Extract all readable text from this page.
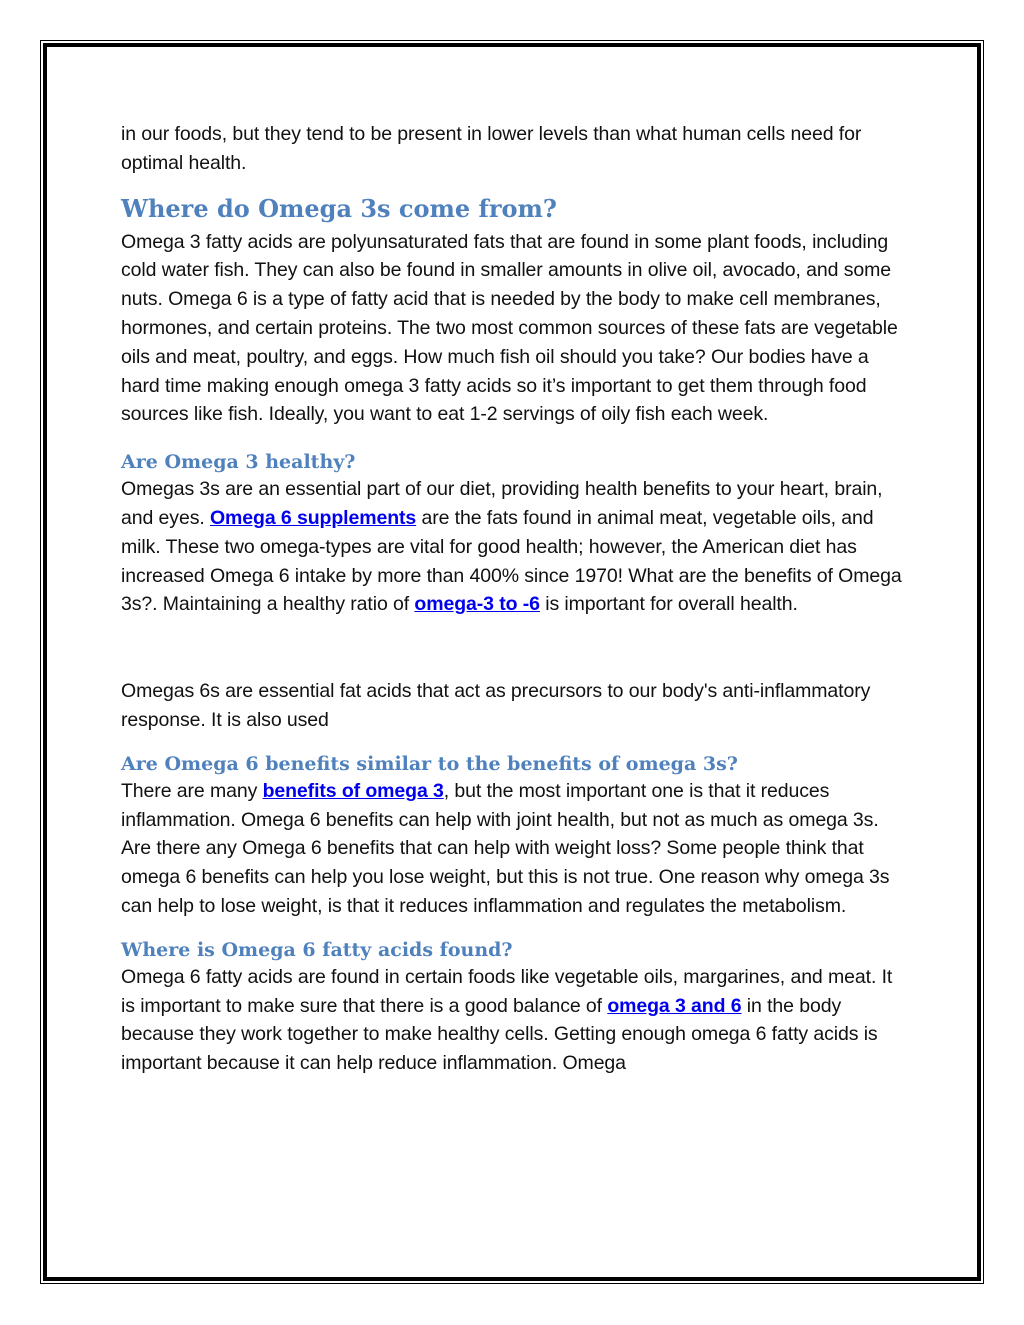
in our foods, but they tend to be present in lower levels than what human cells need for optimal health.

Where do Omega 3s come from?

Omega 3 fatty acids are polyunsaturated fats that are found in some plant foods, including cold water fish. They can also be found in smaller amounts in olive oil, avocado, and some nuts. Omega 6 is a type of fatty acid that is needed by the body to make cell membranes, hormones, and certain proteins. The two most common sources of these fats are vegetable oils and meat, poultry, and eggs. How much fish oil should you take? Our bodies have a hard time making enough omega 3 fatty acids so it’s important to get them through food sources like fish. Ideally, you want to eat 1-2 servings of oily fish each week.

Are Omega 3 healthy?

Omegas 3s are an essential part of our diet, providing health benefits to your heart, brain, and eyes. Omega 6 supplements are the fats found in animal meat, vegetable oils, and milk. These two omega-types are vital for good health; however, the American diet has increased Omega 6 intake by more than 400% since 1970! What are the benefits of Omega 3s?. Maintaining a healthy ratio of omega-3 to -6 is important for overall health.

Omegas 6s are essential fat acids that act as precursors to our body's anti-inflammatory response. It is also used

Are Omega 6 benefits similar to the benefits of omega 3s?

There are many benefits of omega 3, but the most important one is that it reduces inflammation. Omega 6 benefits can help with joint health, but not as much as omega 3s. Are there any Omega 6 benefits that can help with weight loss? Some people think that omega 6 benefits can help you lose weight, but this is not true. One reason why omega 3s can help to lose weight, is that it reduces inflammation and regulates the metabolism.

Where is Omega 6 fatty acids found?

Omega 6 fatty acids are found in certain foods like vegetable oils, margarines, and meat. It is important to make sure that there is a good balance of omega 3 and 6 in the body because they work together to make healthy cells. Getting enough omega 6 fatty acids is important because it can help reduce inflammation. Omega
